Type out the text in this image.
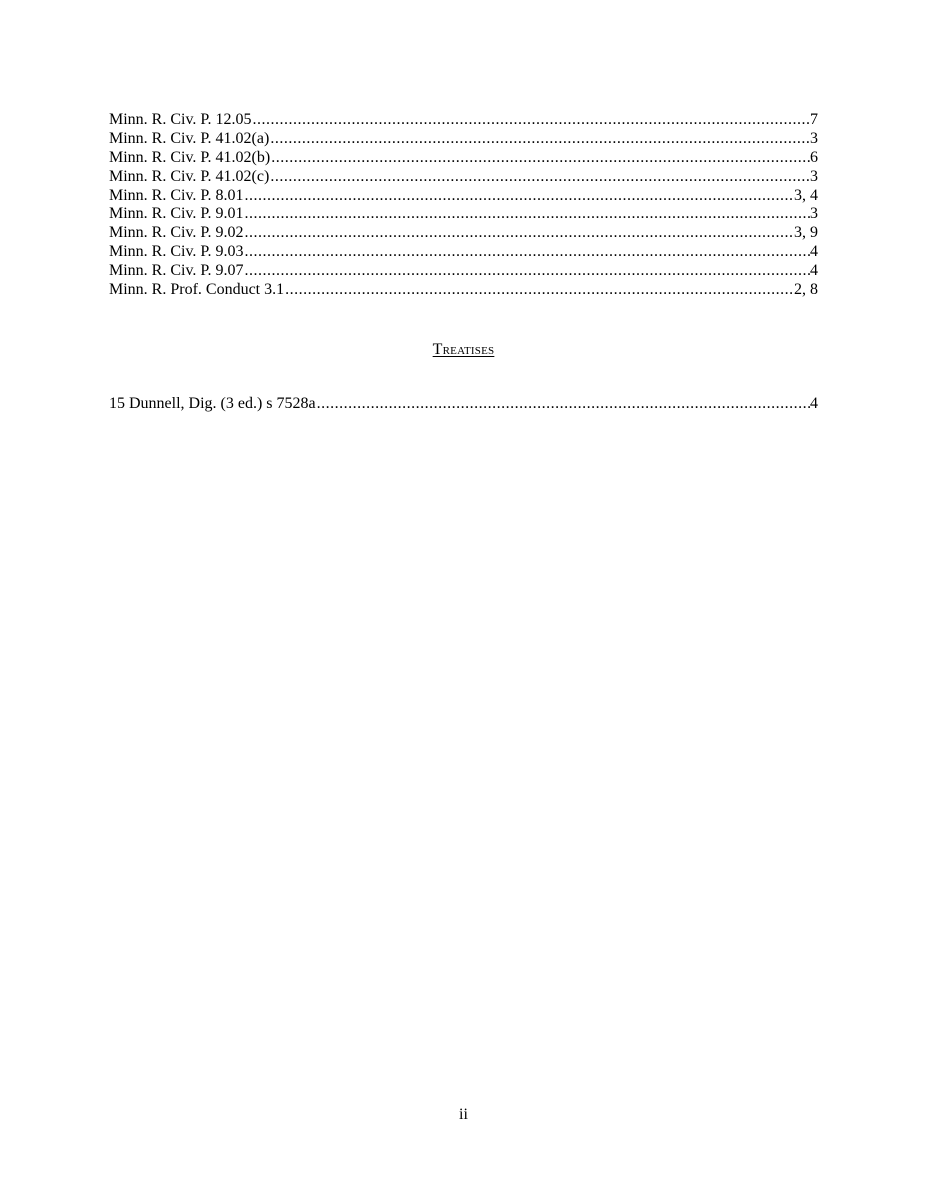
Minn. R. Civ. P. 12.05 .....	7
Minn. R. Civ. P. 41.02(a) .....	3
Minn. R. Civ. P. 41.02(b) .....	6
Minn. R. Civ. P. 41.02(c) .....	3
Minn. R. Civ. P. 8.01 .....	3, 4
Minn. R. Civ. P. 9.01 .....	3
Minn. R. Civ. P. 9.02 .....	3, 9
Minn. R. Civ. P. 9.03 .....	4
Minn. R. Civ. P. 9.07 .....	4
Minn. R. Prof. Conduct 3.1 .....	2, 8
Treatises
15 Dunnell, Dig. (3 ed.) s 7528a .....	4
ii
